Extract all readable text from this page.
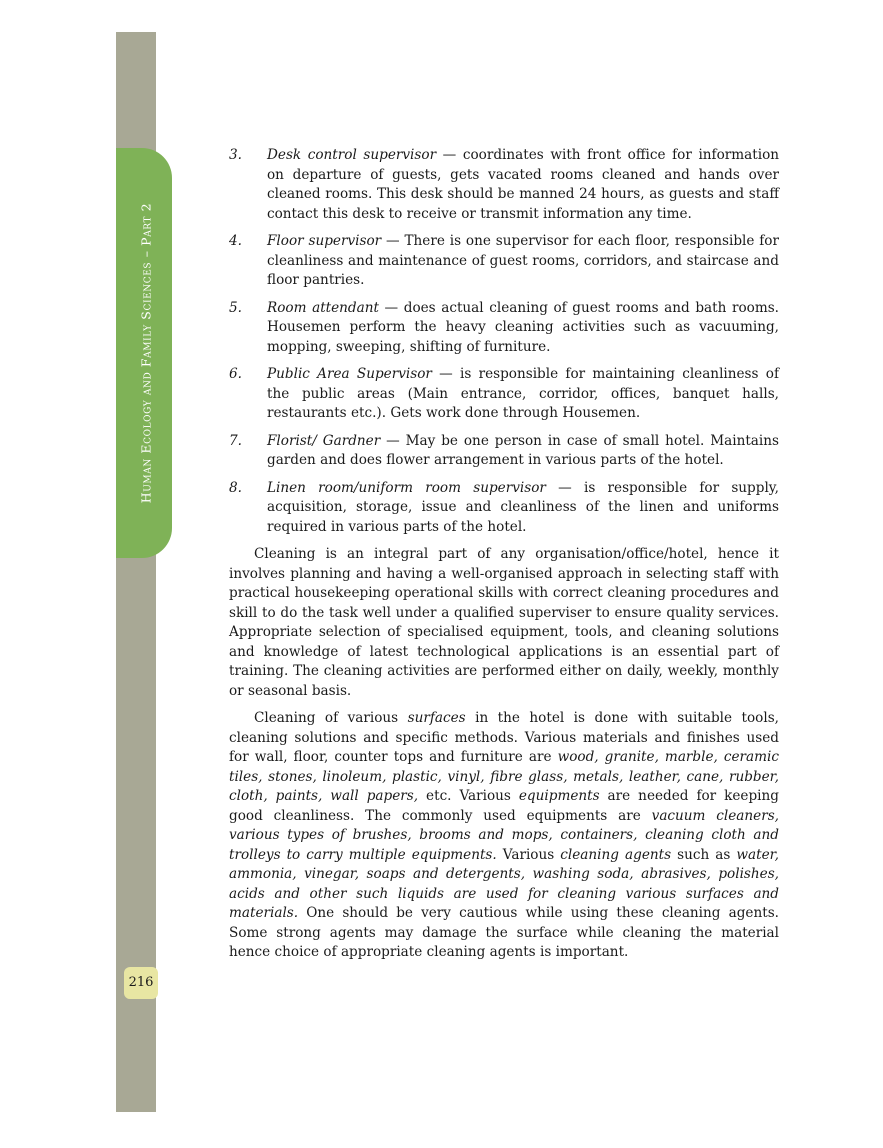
Human Ecology and Family Sciences – Part 2
216
3. Desk control supervisor — coordinates with front office for information on departure of guests, gets vacated rooms cleaned and hands over cleaned rooms. This desk should be manned 24 hours, as guests and staff contact this desk to receive or transmit information any time.
4. Floor supervisor — There is one supervisor for each floor, responsible for cleanliness and maintenance of guest rooms, corridors, and staircase and floor pantries.
5. Room attendant — does actual cleaning of guest rooms and bath rooms. Housemen perform the heavy cleaning activities such as vacuuming, mopping, sweeping, shifting of furniture.
6. Public Area Supervisor — is responsible for maintaining cleanliness of the public areas (Main entrance, corridor, offices, banquet halls, restaurants etc.). Gets work done through Housemen.
7. Florist/ Gardner — May be one person in case of small hotel. Maintains garden and does flower arrangement in various parts of the hotel.
8. Linen room/uniform room supervisor — is responsible for supply, acquisition, storage, issue and cleanliness of the linen and uniforms required in various parts of the hotel.

Cleaning is an integral part of any organisation/office/hotel, hence it involves planning and having a well-organised approach in selecting staff with practical housekeeping operational skills with correct cleaning procedures and skill to do the task well under a qualified superviser to ensure quality services. Appropriate selection of specialised equipment, tools, and cleaning solutions and knowledge of latest technological applications is an essential part of training. The cleaning activities are performed either on daily, weekly, monthly or seasonal basis.

Cleaning of various surfaces in the hotel is done with suitable tools, cleaning solutions and specific methods. Various materials and finishes used for wall, floor, counter tops and furniture are wood, granite, marble, ceramic tiles, stones, linoleum, plastic, vinyl, fibre glass, metals, leather, cane, rubber, cloth, paints, wall papers, etc. Various equipments are needed for keeping good cleanliness. The commonly used equipments are vacuum cleaners, various types of brushes, brooms and mops, containers, cleaning cloth and trolleys to carry multiple equipments. Various cleaning agents such as water, ammonia, vinegar, soaps and detergents, washing soda, abrasives, polishes, acids and other such liquids are used for cleaning various surfaces and materials. One should be very cautious while using these cleaning agents. Some strong agents may damage the surface while cleaning the material hence choice of appropriate cleaning agents is important.
